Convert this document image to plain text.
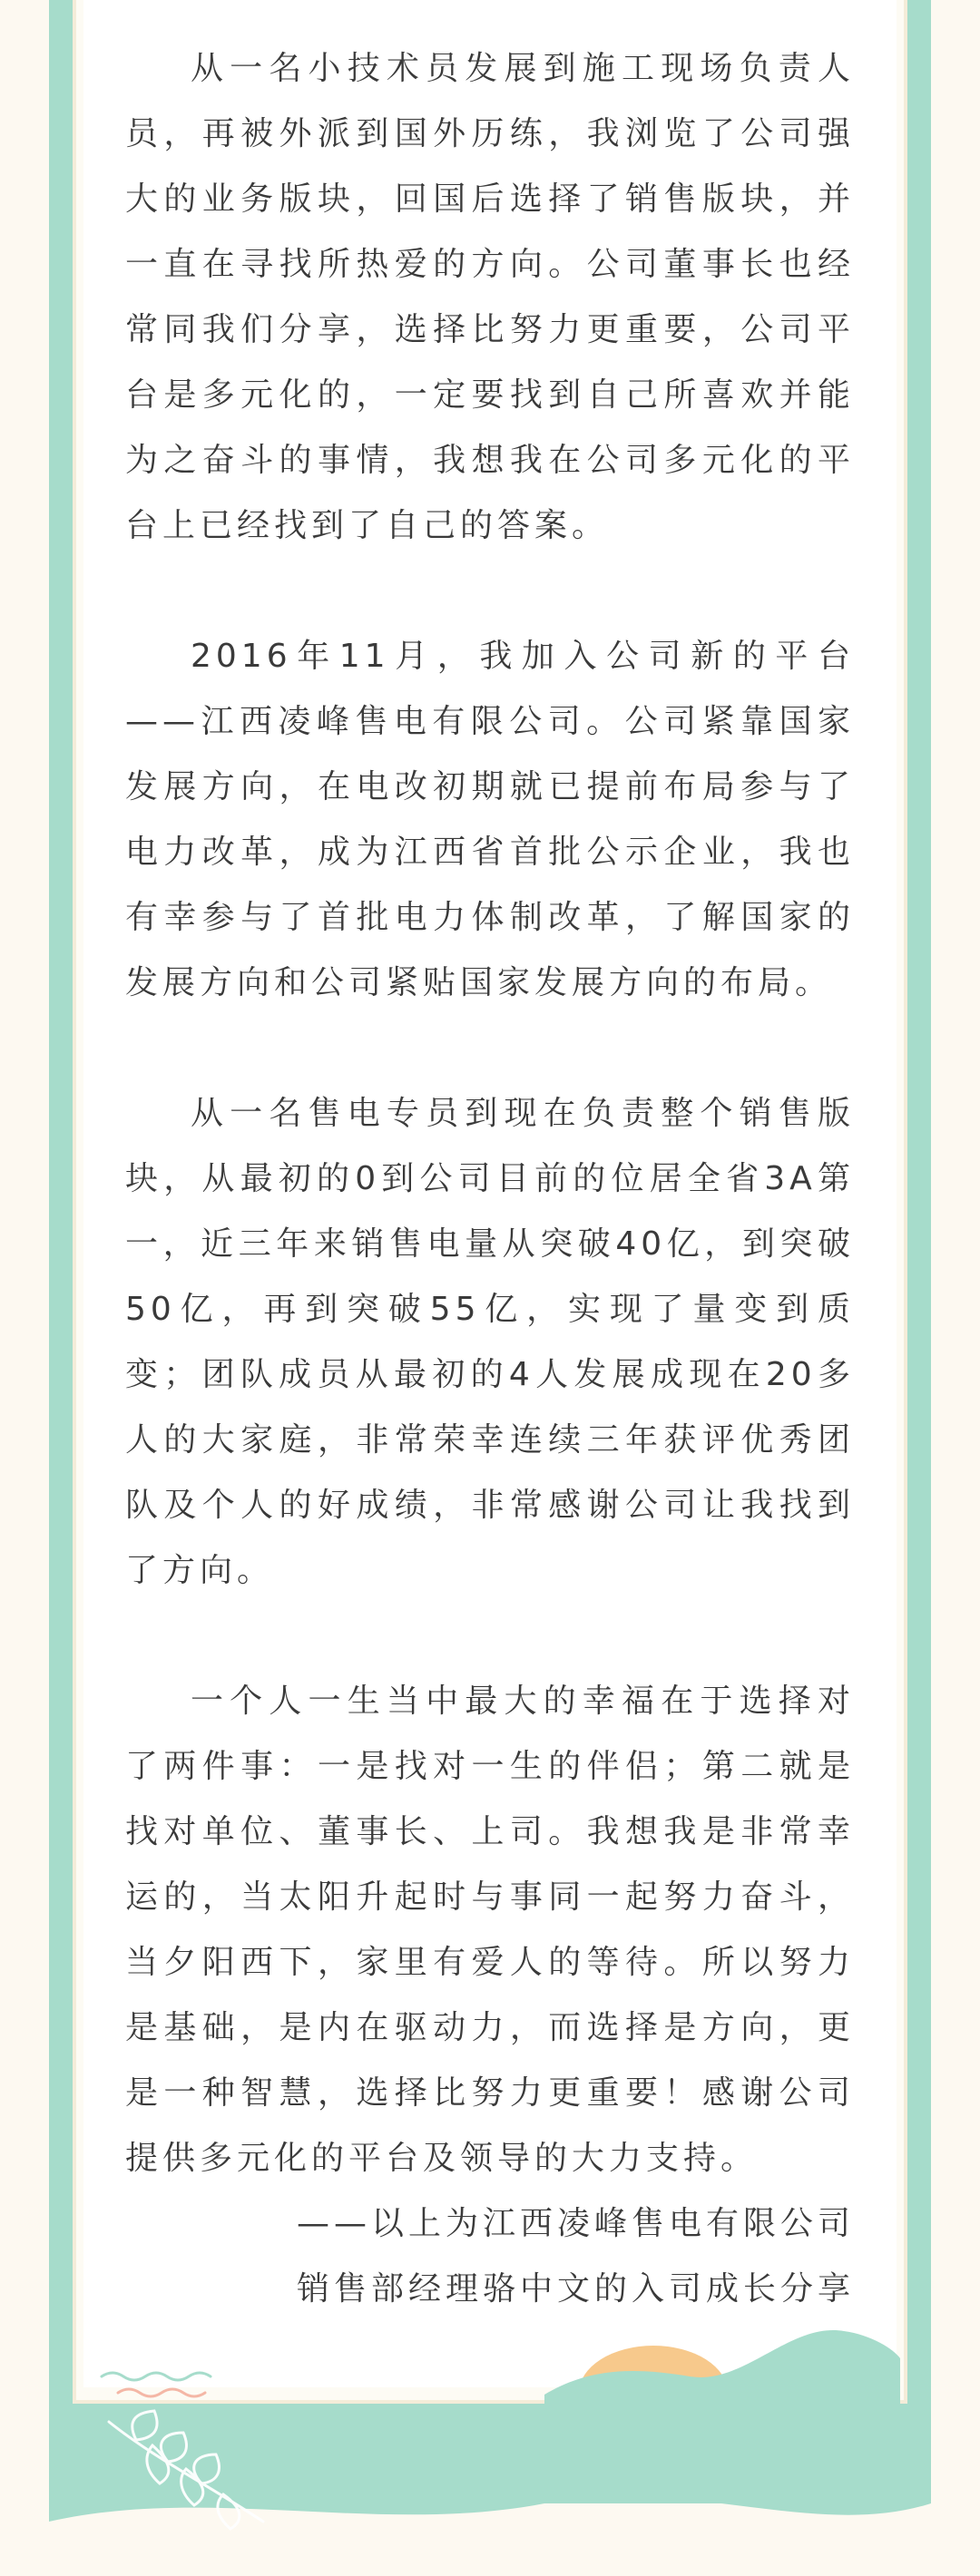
从一名小技术员发展到施工现场负责人员，再被外派到国外历练，我浏览了公司强大的业务版块，回国后选择了销售版块，并一直在寻找所热爱的方向。公司董事长也经常同我们分享，选择比努力更重要，公司平台是多元化的，一定要找到自己所喜欢并能为之奋斗的事情，我想我在公司多元化的平台上已经找到了自己的答案。

2016年11月，我加入公司新的平台——江西凌峰售电有限公司。公司紧靠国家发展方向，在电改初期就已提前布局参与了电力改革，成为江西省首批公示企业，我也有幸参与了首批电力体制改革，了解国家的发展方向和公司紧贴国家发展方向的布局。

从一名售电专员到现在负责整个销售版块，从最初的0到公司目前的位居全省3A第一，近三年来销售电量从突破40亿，到突破50亿，再到突破55亿，实现了量变到质变；团队成员从最初的4人发展成现在20多人的大家庭，非常荣幸连续三年获评优秀团队及个人的好成绩，非常感谢公司让我找到了方向。

一个人一生当中最大的幸福在于选择对了两件事：一是找对一生的伴侣；第二就是找对单位、董事长、上司。我想我是非常幸运的，当太阳升起时与事同一起努力奋斗，当夕阳西下，家里有爱人的等待。所以努力是基础，是内在驱动力，而选择是方向，更是一种智慧，选择比努力更重要！感谢公司提供多元化的平台及领导的大力支持。

——以上为江西凌峰售电有限公司

销售部经理骆中文的入司成长分享
